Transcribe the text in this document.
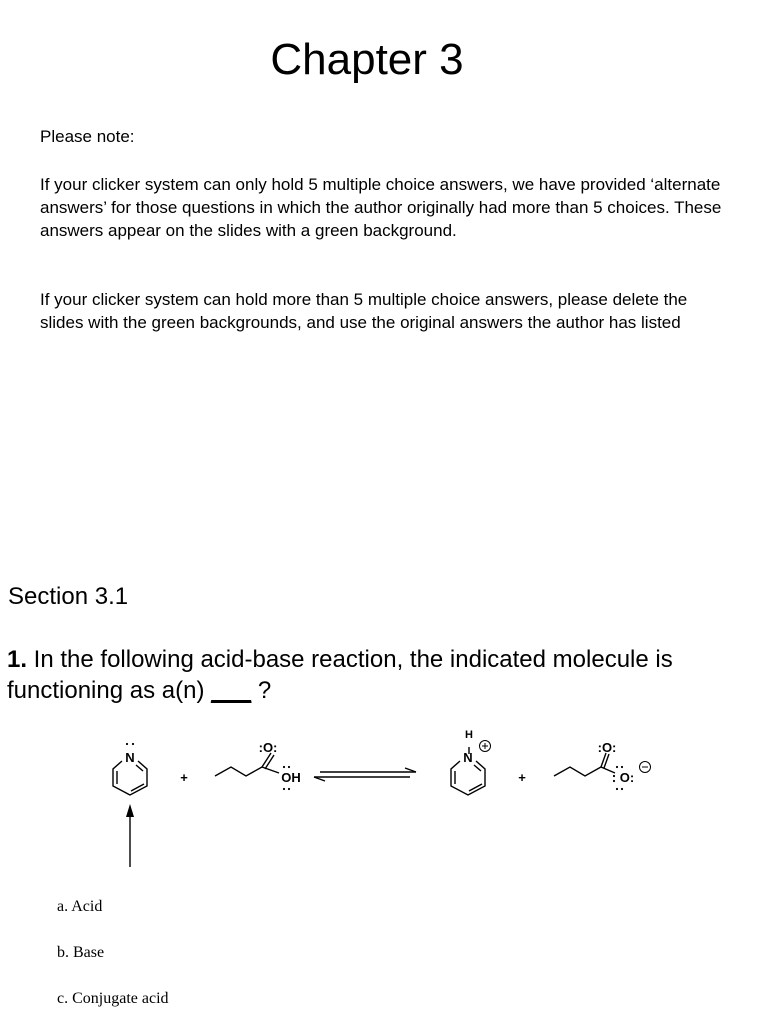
Chapter 3
Please note:
If your clicker system can only hold 5 multiple choice answers, we have provided ‘alternate answers’ for those questions in which the author originally had more than 5 choices. These answers appear on the slides with a green background.
If your clicker system can hold more than 5 multiple choice answers, please delete the slides with the green backgrounds, and use the original answers the author has listed
Section 3.1
1. In the following acid-base reaction, the indicated molecule is functioning as a(n) ___ ?
N
:O:
OH
H
N
:O:
O:
+	+
a. Acid
b. Base
c. Conjugate acid
